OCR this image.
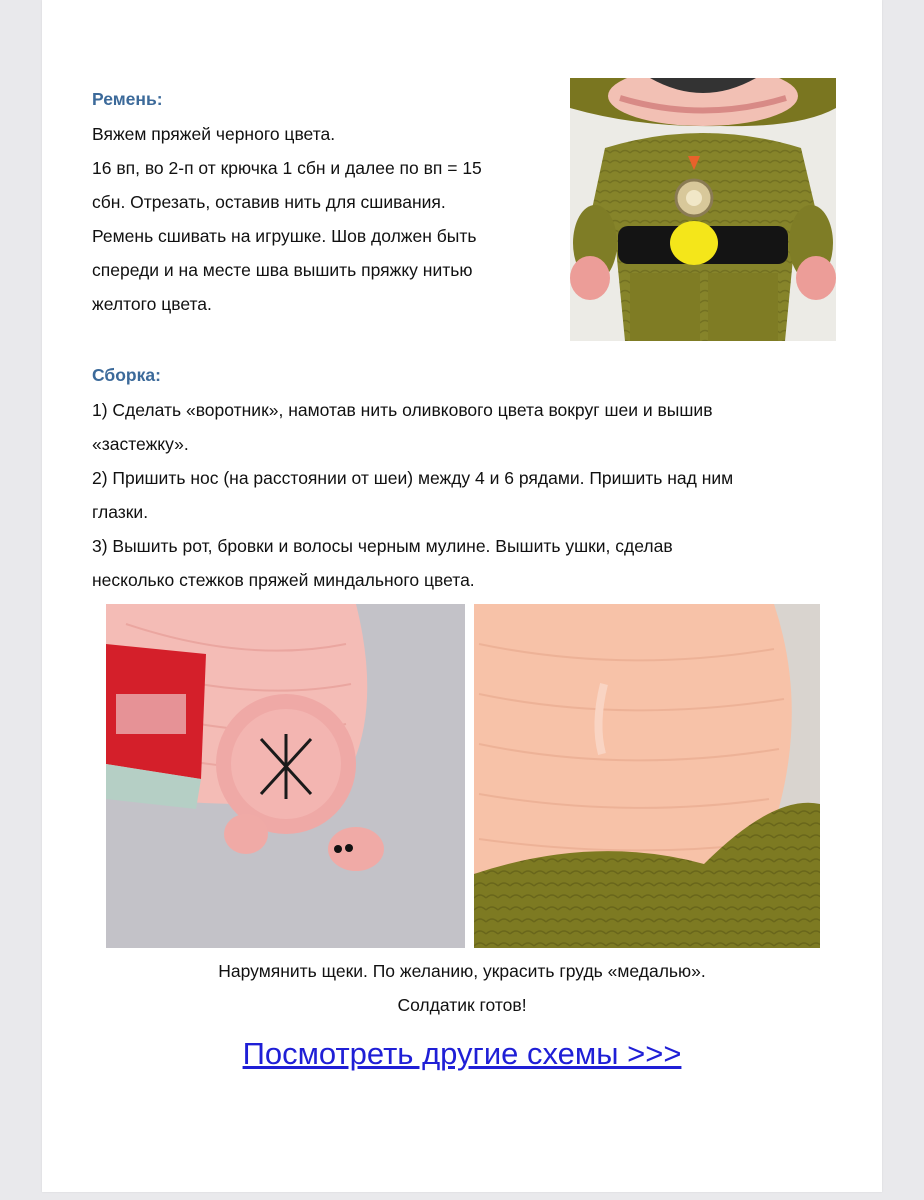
Ремень:

Вяжем пряжей черного цвета.

16 вп, во 2-п от крючка 1 сбн и далее по вп = 15

сбн. Отрезать, оставив нить для сшивания.

Ремень сшивать на игрушке. Шов должен быть

спереди и на месте шва вышить пряжку нитью

желтого цвета.

Сборка:

1) Сделать «воротник», намотав нить оливкового цвета вокруг шеи и вышив

«застежку».

2) Пришить нос (на расстоянии от шеи) между 4 и 6 рядами. Пришить над ним

глазки.

3) Вышить рот, бровки и волосы черным мулине. Вышить ушки, сделав

несколько стежков пряжей миндального цвета.

Нарумянить щеки. По желанию, украсить грудь «медалью».

Солдатик готов!

Посмотреть другие схемы >>>
